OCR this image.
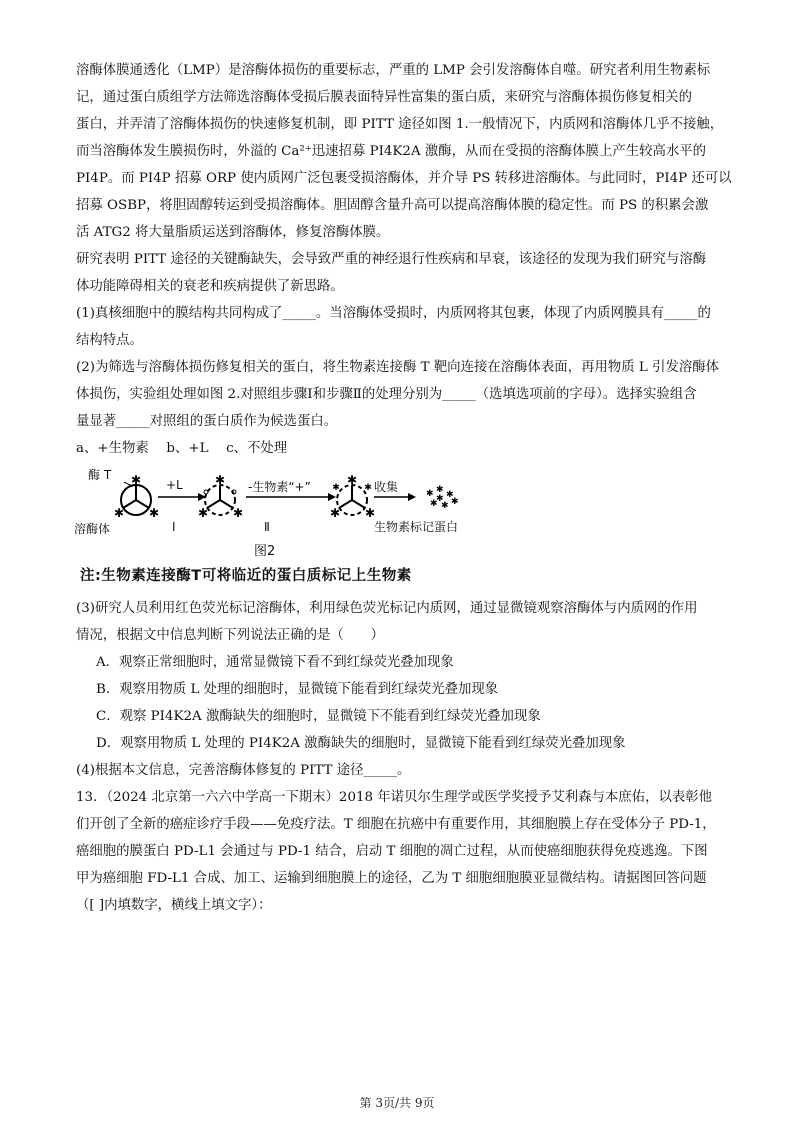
溶酶体膜通透化（LMP）是溶酶体损伤的重要标志，严重的 LMP 会引发溶酶体自噬。研究者利用生物素标
记，通过蛋白质组学方法筛选溶酶体受损后膜表面特异性富集的蛋白质，来研究与溶酶体损伤修复相关的
蛋白，并弄清了溶酶体损伤的快速修复机制，即 PITT 途径如图 1.一般情况下，内质网和溶酶体几乎不接触，
而当溶酶体发生膜损伤时，外溢的 Ca²⁺迅速招募 PI4K2A 激酶，从而在受损的溶酶体膜上产生较高水平的
PI4P。而 PI4P 招募 ORP 使内质网广泛包裹受损溶酶体，并介导 PS 转移进溶酶体。与此同时，PI4P 还可以
招募 OSBP，将胆固醇转运到受损溶酶体。胆固醇含量升高可以提高溶酶体膜的稳定性。而 PS 的积累会激
活 ATG2 将大量脂质运送到溶酶体，修复溶酶体膜。

研究表明 PITT 途径的关键酶缺失，会导致严重的神经退行性疾病和早衰，该途径的发现为我们研究与溶酶
体功能障碍相关的衰老和疾病提供了新思路。

(1)真核细胞中的膜结构共同构成了_____。当溶酶体受损时，内质网将其包裹，体现了内质网膜具有_____的
结构特点。

(2)为筛选与溶酶体损伤修复相关的蛋白，将生物素连接酶 T 靶向连接在溶酶体表面，再用物质 L 引发溶酶体
体损伤，实验组处理如图 2.对照组步骤Ⅰ和步骤Ⅱ的处理分别为_____（选填选项前的字母）。选择实验组含
量显著_____对照组的蛋白质作为候选蛋白。
a、+生物素　 b、+L　 c、不处理

✱
✱ ✱
✱
✱ ✱
✱
✱ ✱
✱	✱
✱ ✱ ✱
✱ ✱ ✱
✱
酶 T
溶酶体
+L
Ⅰ
-生物素“+”
Ⅱ
收集
生物素标记蛋白
图2
注:生物素连接酶T可将临近的蛋白质标记上生物素

(3)研究人员利用红色荧光标记溶酶体，利用绿色荧光标记内质网，通过显微镜观察溶酶体与内质网的作用
情况，根据文中信息判断下列说法正确的是（　　）

A．观察正常细胞时，通常显微镜下看不到红绿荧光叠加现象
B．观察用物质 L 处理的细胞时，显微镜下能看到红绿荧光叠加现象
C．观察 PI4K2A 激酶缺失的细胞时，显微镜下不能看到红绿荧光叠加现象
D．观察用物质 L 处理的 PI4K2A 激酶缺失的细胞时，显微镜下能看到红绿荧光叠加现象

(4)根据本文信息，完善溶酶体修复的 PITT 途径_____。

13．（2024 北京第一六六中学高一下期末）2018 年诺贝尔生理学或医学奖授予艾利森与本庶佑，以表彰他
们开创了全新的癌症诊疗手段——免疫疗法。T 细胞在抗癌中有重要作用，其细胞膜上存在受体分子 PD-1，
癌细胞的膜蛋白 PD-L1 会通过与 PD-1 结合，启动 T 细胞的凋亡过程，从而使癌细胞获得免疫逃逸。下图
甲为癌细胞 FD-L1 合成、加工、运输到细胞膜上的途径，乙为 T 细胞细胞膜亚显微结构。请据图回答问题
（[ ]内填数字，横线上填文字）：

第 3页/共 9页
